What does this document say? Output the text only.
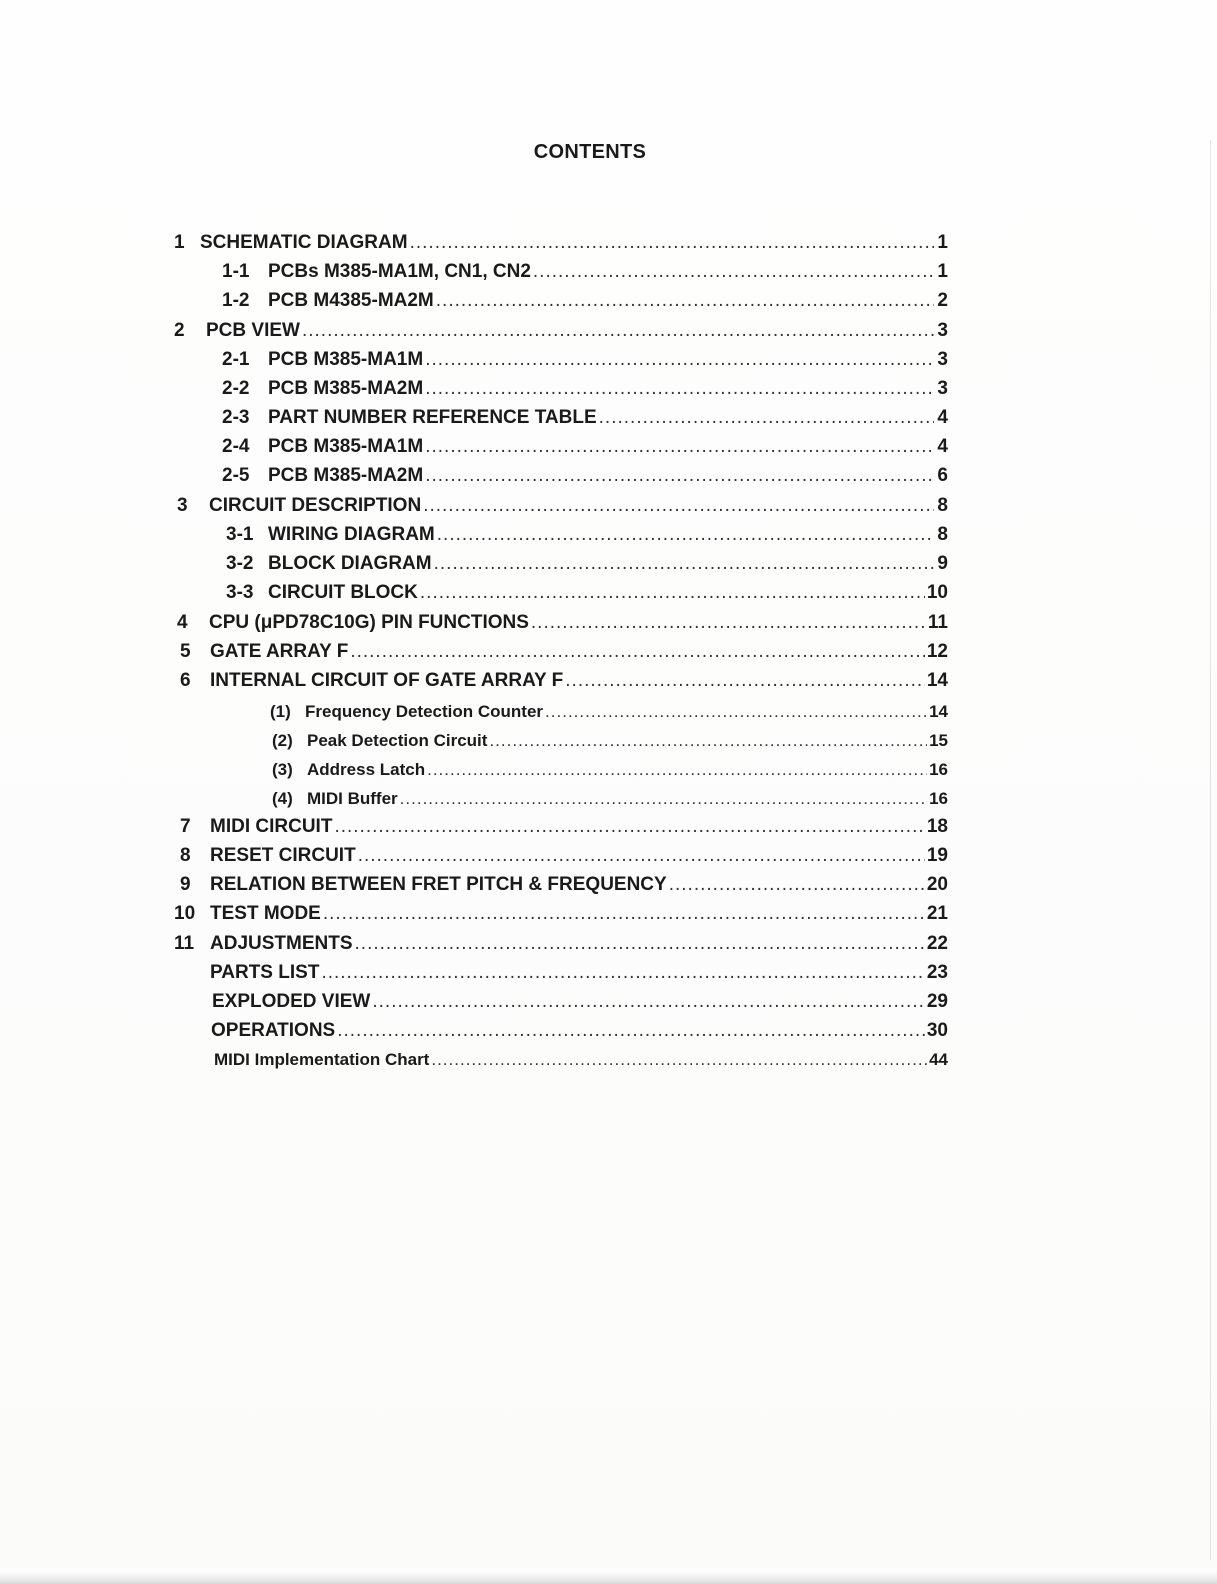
CONTENTS
1 SCHEMATIC DIAGRAM .....	1
1-1 PCBs M385-MA1M, CN1, CN2 .....	1
1-2 PCB M4385-MA2M .....	2
2	PCB VIEW .....	3
2-1 PCB M385-MA1M .....	3
2-2 PCB M385-MA2M .....	3
2-3 PART NUMBER REFERENCE TABLE .....	4
2-4 PCB M385-MA1M .....	4
2-5 PCB M385-MA2M .....	6
3	CIRCUIT DESCRIPTION .....	8
3-1 WIRING DIAGRAM .....	8
3-2 BLOCK DIAGRAM .....	9
3-3 CIRCUIT BLOCK .....	10
4	CPU (μPD78C10G) PIN FUNCTIONS .....	11
5	GATE ARRAY F .....	12
6	INTERNAL CIRCUIT OF GATE ARRAY F .....	14
(1) Frequency Detection Counter .....	14
(2) Peak Detection Circuit .....	15
(3) Address Latch .....	16
(4) MIDI Buffer .....	16
7	MIDI CIRCUIT .....	18
8	RESET CIRCUIT .....	19
9	RELATION BETWEEN FRET PITCH & FREQUENCY .....	20
10 TEST MODE .....	21
11 ADJUSTMENTS .....	22
PARTS LIST .....	23
EXPLODED VIEW .....	29
OPERATIONS .....	30
MIDI Implementation Chart .....	44
